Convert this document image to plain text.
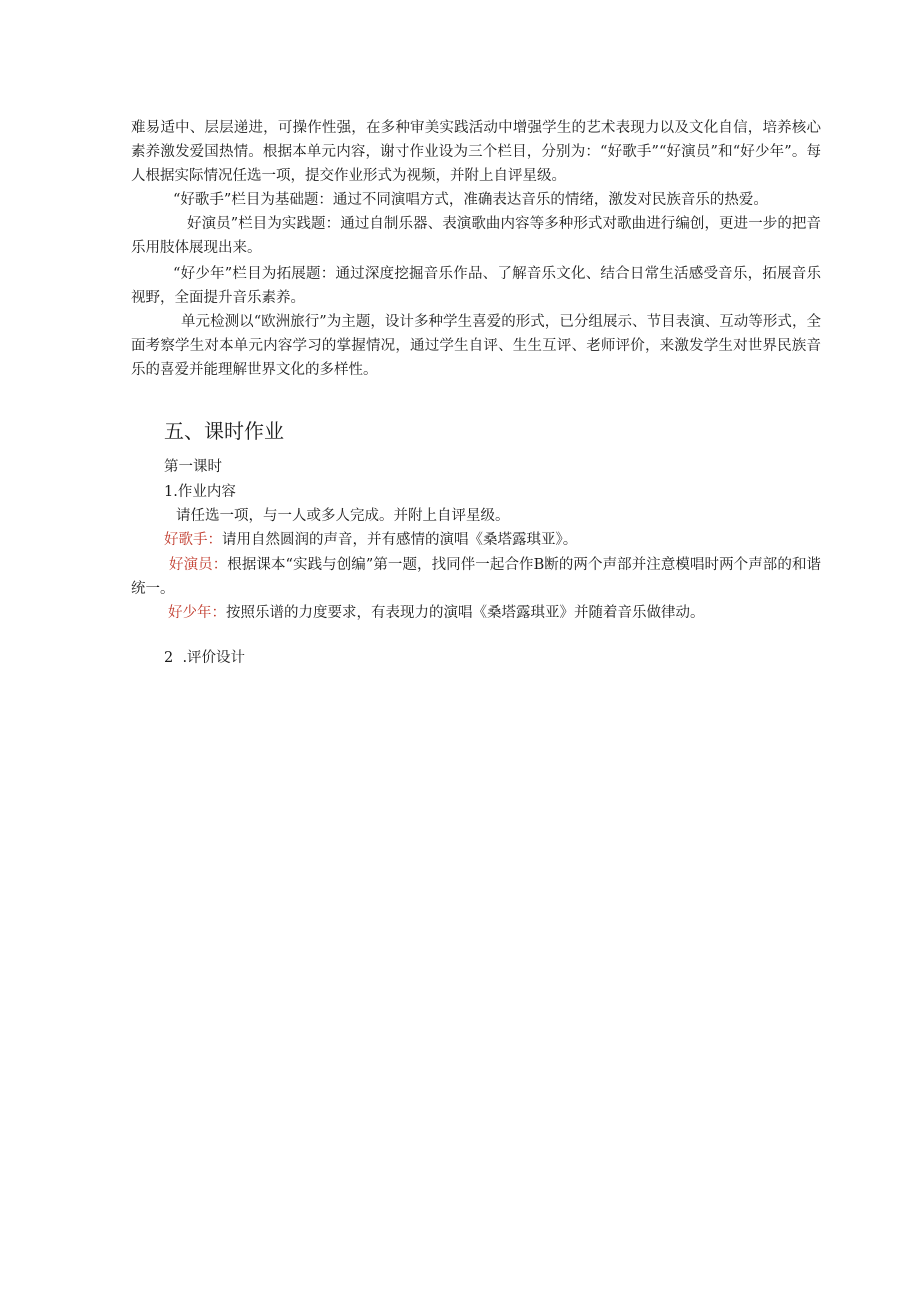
难易适中、层层递进，可操作性强，在多种审美实践活动中增强学生的艺术表现力以及文化自信，培养核心素养激发爱国热情。根据本单元内容，谢寸作业设为三个栏目，分别为：“好歌手”“好演员”和“好少年”。每人根据实际情况任选一项，提交作业形式为视频，并附上自评星级。

“好歌手”栏目为基础题：通过不同演唱方式，准确表达音乐的情绪，激发对民族音乐的热爱。

好演员”栏目为实践题：通过自制乐器、表演歌曲内容等多种形式对歌曲进行编创，更进一步的把音乐用肢体展现出来。

“好少年”栏目为拓展题：通过深度挖掘音乐作品、了解音乐文化、结合日常生活感受音乐，拓展音乐视野，全面提升音乐素养。

单元检测以“欧洲旅行”为主题，设计多种学生喜爱的形式，已分组展示、节目表演、互动等形式，全面考察学生对本单元内容学习的掌握情况，通过学生自评、生生互评、老师评价，来激发学生对世界民族音乐的喜爱并能理解世界文化的多样性。

五、课时作业

第一课时

1.作业内容

请任选一项，与一人或多人完成。并附上自评星级。

好歌手：请用自然圆润的声音，并有感情的演唱《桑塔露琪亚》。

好演员：根据课本“实践与创编”第一题，找同伴一起合作B断的两个声部并注意模唱时两个声部的和谐统一。

好少年：按照乐谱的力度要求，有表现力的演唱《桑塔露琪亚》并随着音乐做律动。

2  .评价设计
